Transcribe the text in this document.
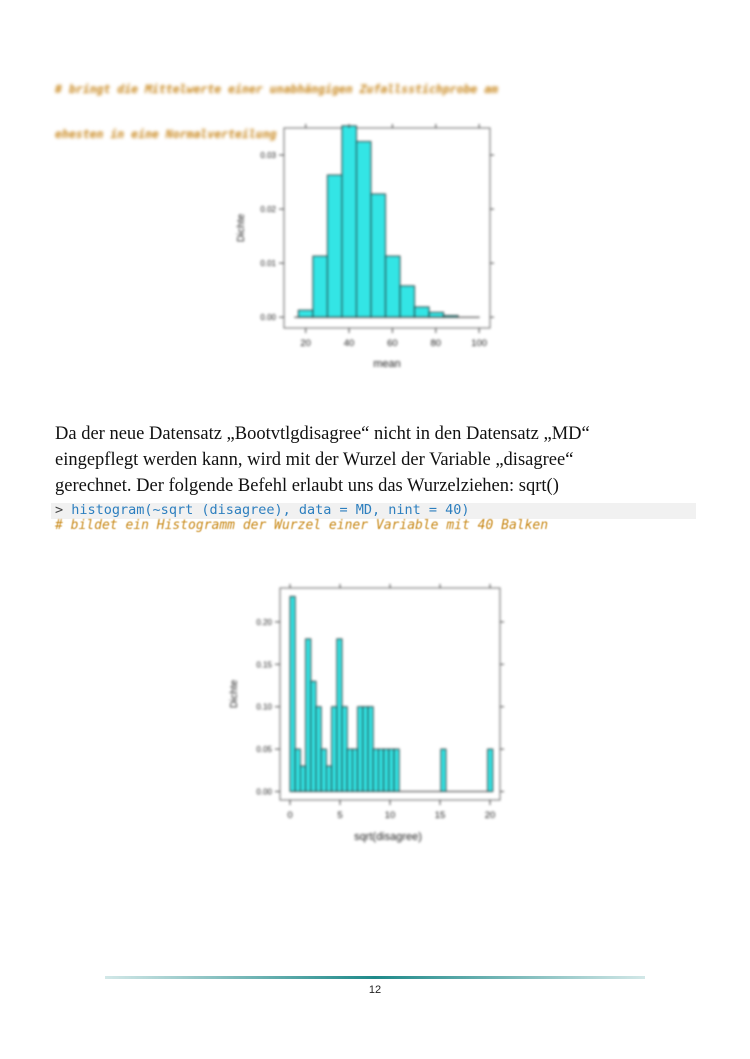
# bringt die Mittelwerte einer unabhängigen Zufallsstichprobe am

ehesten in eine Normalverteilung

20	40	60	80	100
0.00
0.01
0.02
0.03
mean
Dichte
Da der neue Datensatz „Bootvtlgdisagree“ nicht in den Datensatz „MD“
eingepflegt werden kann, wird mit der Wurzel der Variable „disagree“
gerechnet. Der folgende Befehl erlaubt uns das Wurzelziehen: sqrt()
> histogram(~sqrt (disagree), data = MD, nint = 40)
# bildet ein Histogramm der Wurzel einer Variable mit 40 Balken
0	5	10	15	20
0.00
0.05
0.10
0.15
0.20
sqrt(disagree)
Dichte
12
